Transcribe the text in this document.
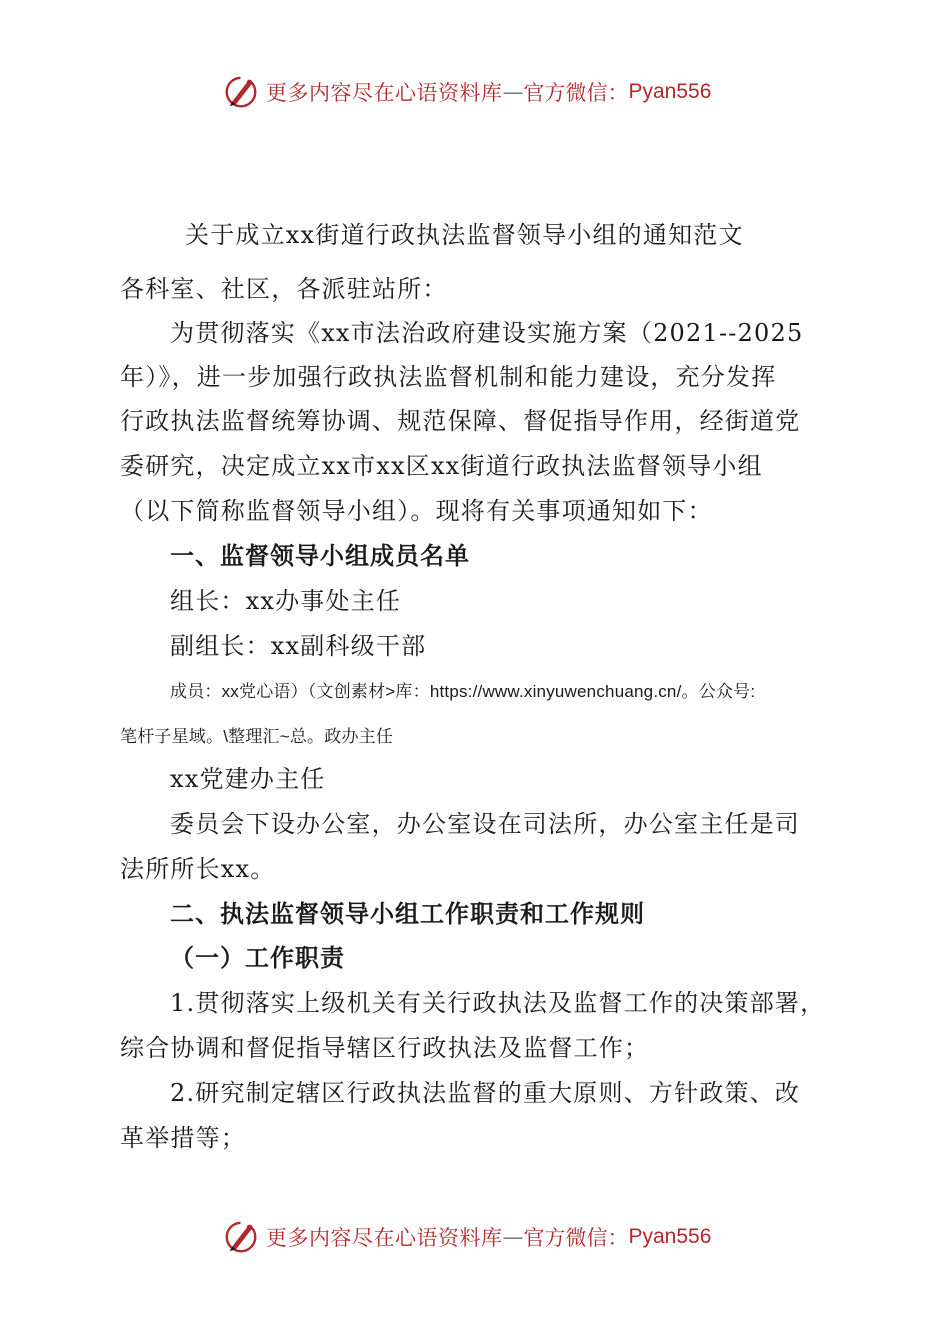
更多内容尽在心语资料库 — 官方微信： Pyan556
关于成立xx街道行政执法监督领导小组的通知范文
各科室、社区，各派驻站所：
为贯彻落实《xx市法治政府建设实施方案（2021--2025
年）》，进一步加强行政执法监督机制和能力建设，充分发挥
行政执法监督统筹协调、规范保障、督促指导作用，经街道党
委研究，决定成立xx市xx区xx街道行政执法监督领导小组
（以下简称监督领导小组）。现将有关事项通知如下：
一、监督领导小组成员名单
组长：xx办事处主任
副组长：xx副科级干部
成员：xx党心语）（文创素材>库：https://www.xinyuwenchuang.cn/。公众号:
笔杆子星域。\整理汇~总。政办主任
xx党建办主任
委员会下设办公室，办公室设在司法所，办公室主任是司
法所所长xx。
二、执法监督领导小组工作职责和工作规则
（一）工作职责
1.贯彻落实上级机关有关行政执法及监督工作的决策部署，
综合协调和督促指导辖区行政执法及监督工作；
2.研究制定辖区行政执法监督的重大原则、方针政策、改
革举措等；
更多内容尽在心语资料库 — 官方微信： Pyan556
